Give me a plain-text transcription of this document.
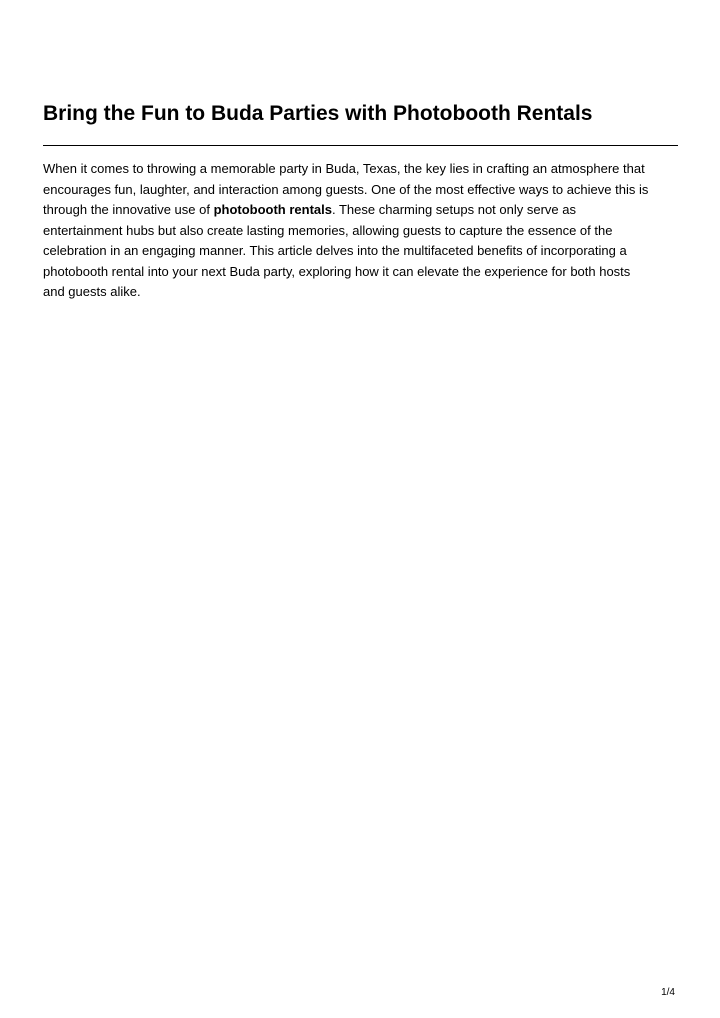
Bring the Fun to Buda Parties with Photobooth Rentals

When it comes to throwing a memorable party in Buda, Texas, the key lies in crafting an atmosphere that
encourages fun, laughter, and interaction among guests. One of the most effective ways to achieve this is
through the innovative use of photobooth rentals. These charming setups not only serve as
entertainment hubs but also create lasting memories, allowing guests to capture the essence of the
celebration in an engaging manner. This article delves into the multifaceted benefits of incorporating a
photobooth rental into your next Buda party, exploring how it can elevate the experience for both hosts
and guests alike.

1/4
